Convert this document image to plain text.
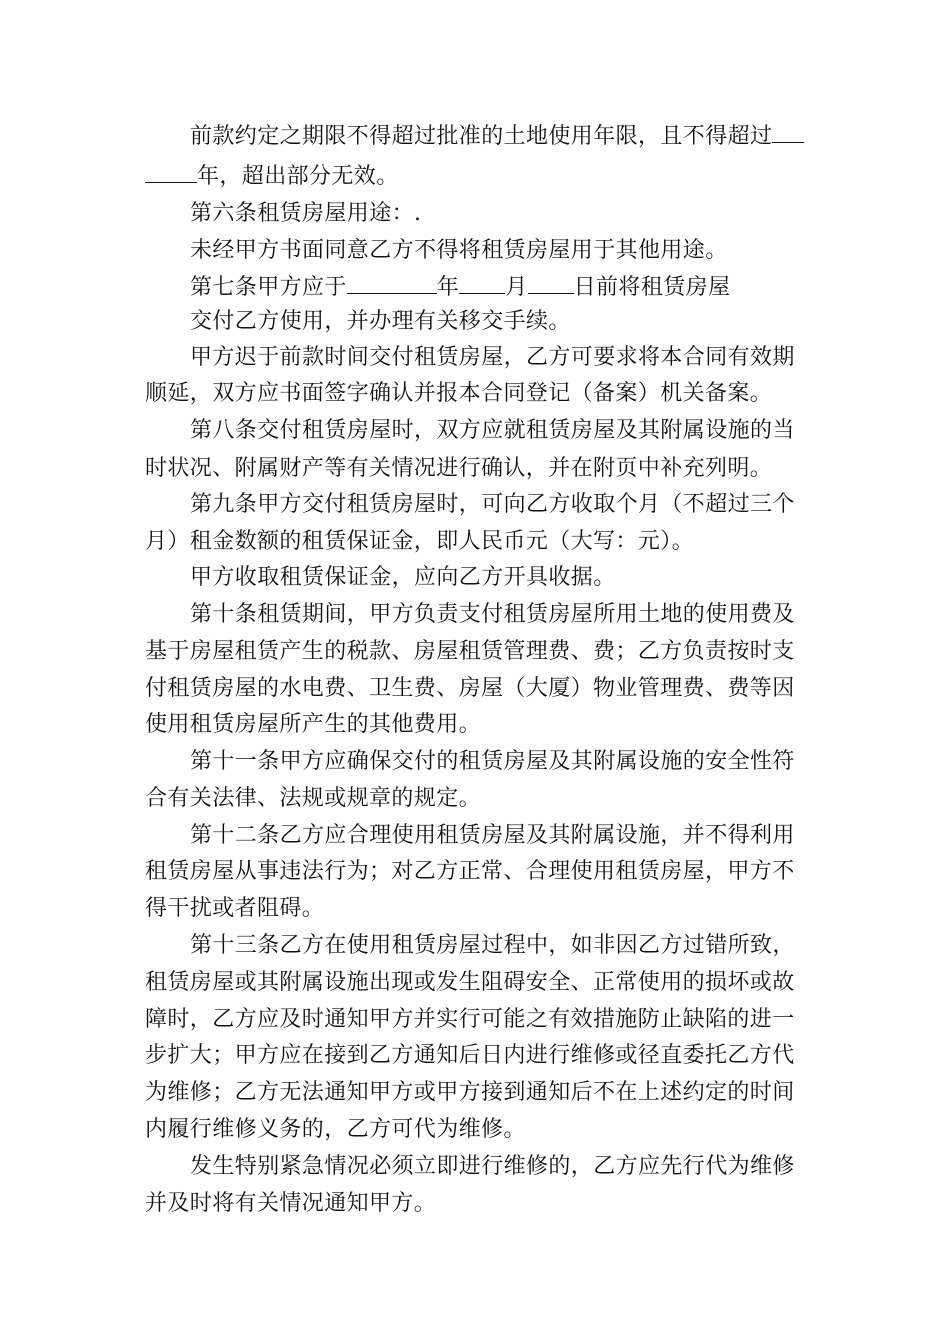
前款约定之期限不得超过批准的土地使用年限，且不得超过
年，超出部分无效。
第六条租赁房屋用途：.
未经甲方书面同意乙方不得将租赁房屋用于其他用途。
第七条甲方应于	年 月 日前将租赁房屋
交付乙方使用，并办理有关移交手续。
甲方迟于前款时间交付租赁房屋，乙方可要求将本合同有效期
顺延，双方应书面签字确认并报本合同登记（备案）机关备案。
第八条交付租赁房屋时，双方应就租赁房屋及其附属设施的当
时状况、附属财产等有关情况进行确认，并在附页中补充列明。
第九条甲方交付租赁房屋时，可向乙方收取个月（不超过三个
月）租金数额的租赁保证金，即人民币元（大写：元）。
甲方收取租赁保证金，应向乙方开具收据。
第十条租赁期间，甲方负责支付租赁房屋所用土地的使用费及
基于房屋租赁产生的税款、房屋租赁管理费、费；乙方负责按时支
付租赁房屋的水电费、卫生费、房屋（大厦）物业管理费、费等因
使用租赁房屋所产生的其他费用。
第十一条甲方应确保交付的租赁房屋及其附属设施的安全性符
合有关法律、法规或规章的规定。
第十二条乙方应合理使用租赁房屋及其附属设施，并不得利用
租赁房屋从事违法行为；对乙方正常、合理使用租赁房屋，甲方不
得干扰或者阻碍。
第十三条乙方在使用租赁房屋过程中，如非因乙方过错所致，
租赁房屋或其附属设施出现或发生阻碍安全、正常使用的损坏或故
障时，乙方应及时通知甲方并实行可能之有效措施防止缺陷的进一
步扩大；甲方应在接到乙方通知后日内进行维修或径直委托乙方代
为维修；乙方无法通知甲方或甲方接到通知后不在上述约定的时间
内履行维修义务的，乙方可代为维修。
发生特别紧急情况必须立即进行维修的，乙方应先行代为维修
并及时将有关情况通知甲方。
